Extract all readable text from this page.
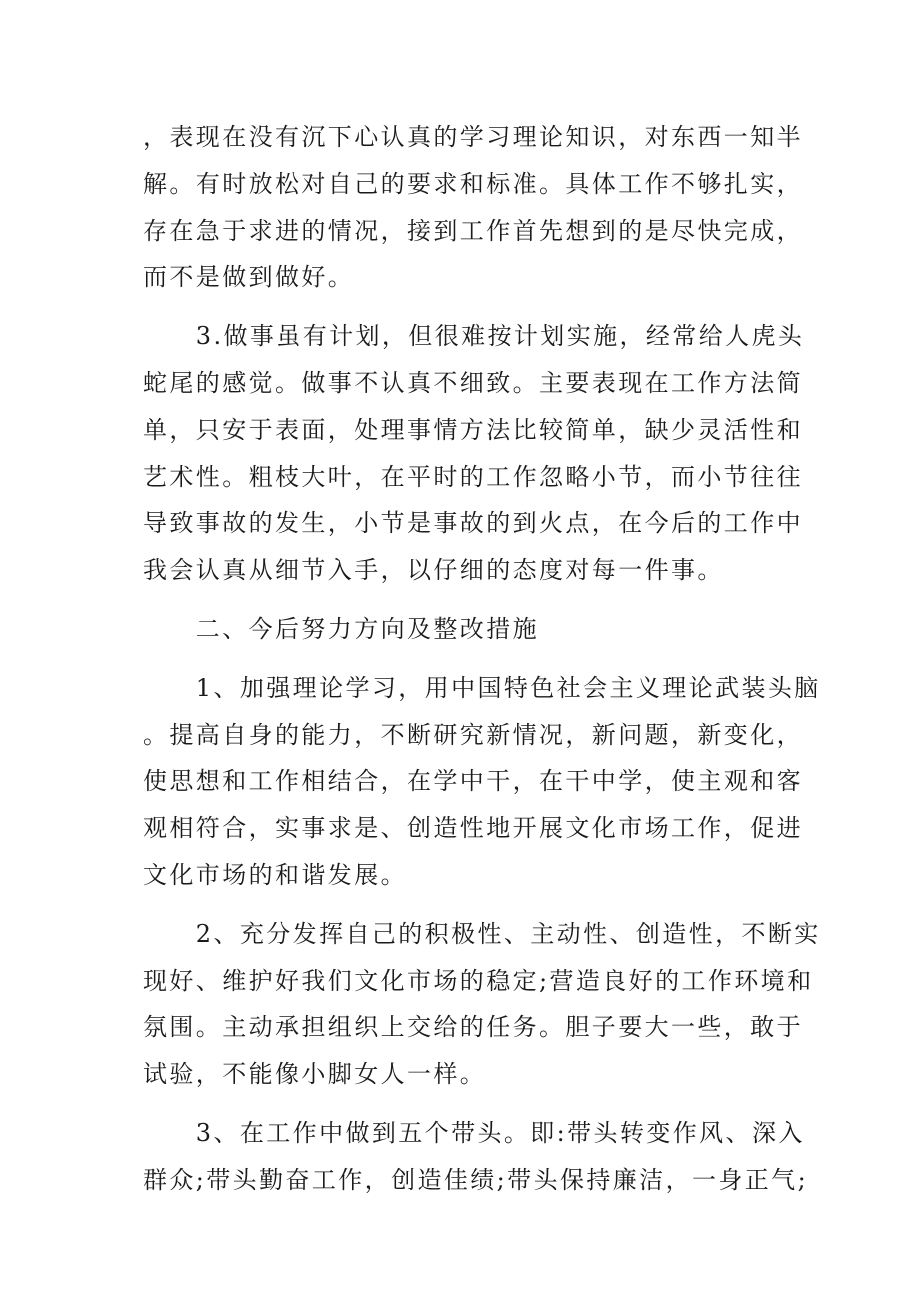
，表现在没有沉下心认真的学习理论知识，对东西一知半
解。有时放松对自己的要求和标准。具体工作不够扎实，
存在急于求进的情况，接到工作首先想到的是尽快完成，
而不是做到做好。
　　3.做事虽有计划，但很难按计划实施，经常给人虎头
蛇尾的感觉。做事不认真不细致。主要表现在工作方法简
单，只安于表面，处理事情方法比较简单，缺少灵活性和
艺术性。粗枝大叶，在平时的工作忽略小节，而小节往往
导致事故的发生，小节是事故的到火点，在今后的工作中
我会认真从细节入手，以仔细的态度对每一件事。
　　二、今后努力方向及整改措施
　　1、加强理论学习，用中国特色社会主义理论武装头脑
。提高自身的能力，不断研究新情况，新问题，新变化，
使思想和工作相结合，在学中干，在干中学，使主观和客
观相符合，实事求是、创造性地开展文化市场工作，促进
文化市场的和谐发展。
　　2、充分发挥自己的积极性、主动性、创造性，不断实
现好、维护好我们文化市场的稳定;营造良好的工作环境和
氛围。主动承担组织上交给的任务。胆子要大一些，敢于
试验，不能像小脚女人一样。
　　3、在工作中做到五个带头。即:带头转变作风、深入
群众;带头勤奋工作，创造佳绩;带头保持廉洁，一身正气;
